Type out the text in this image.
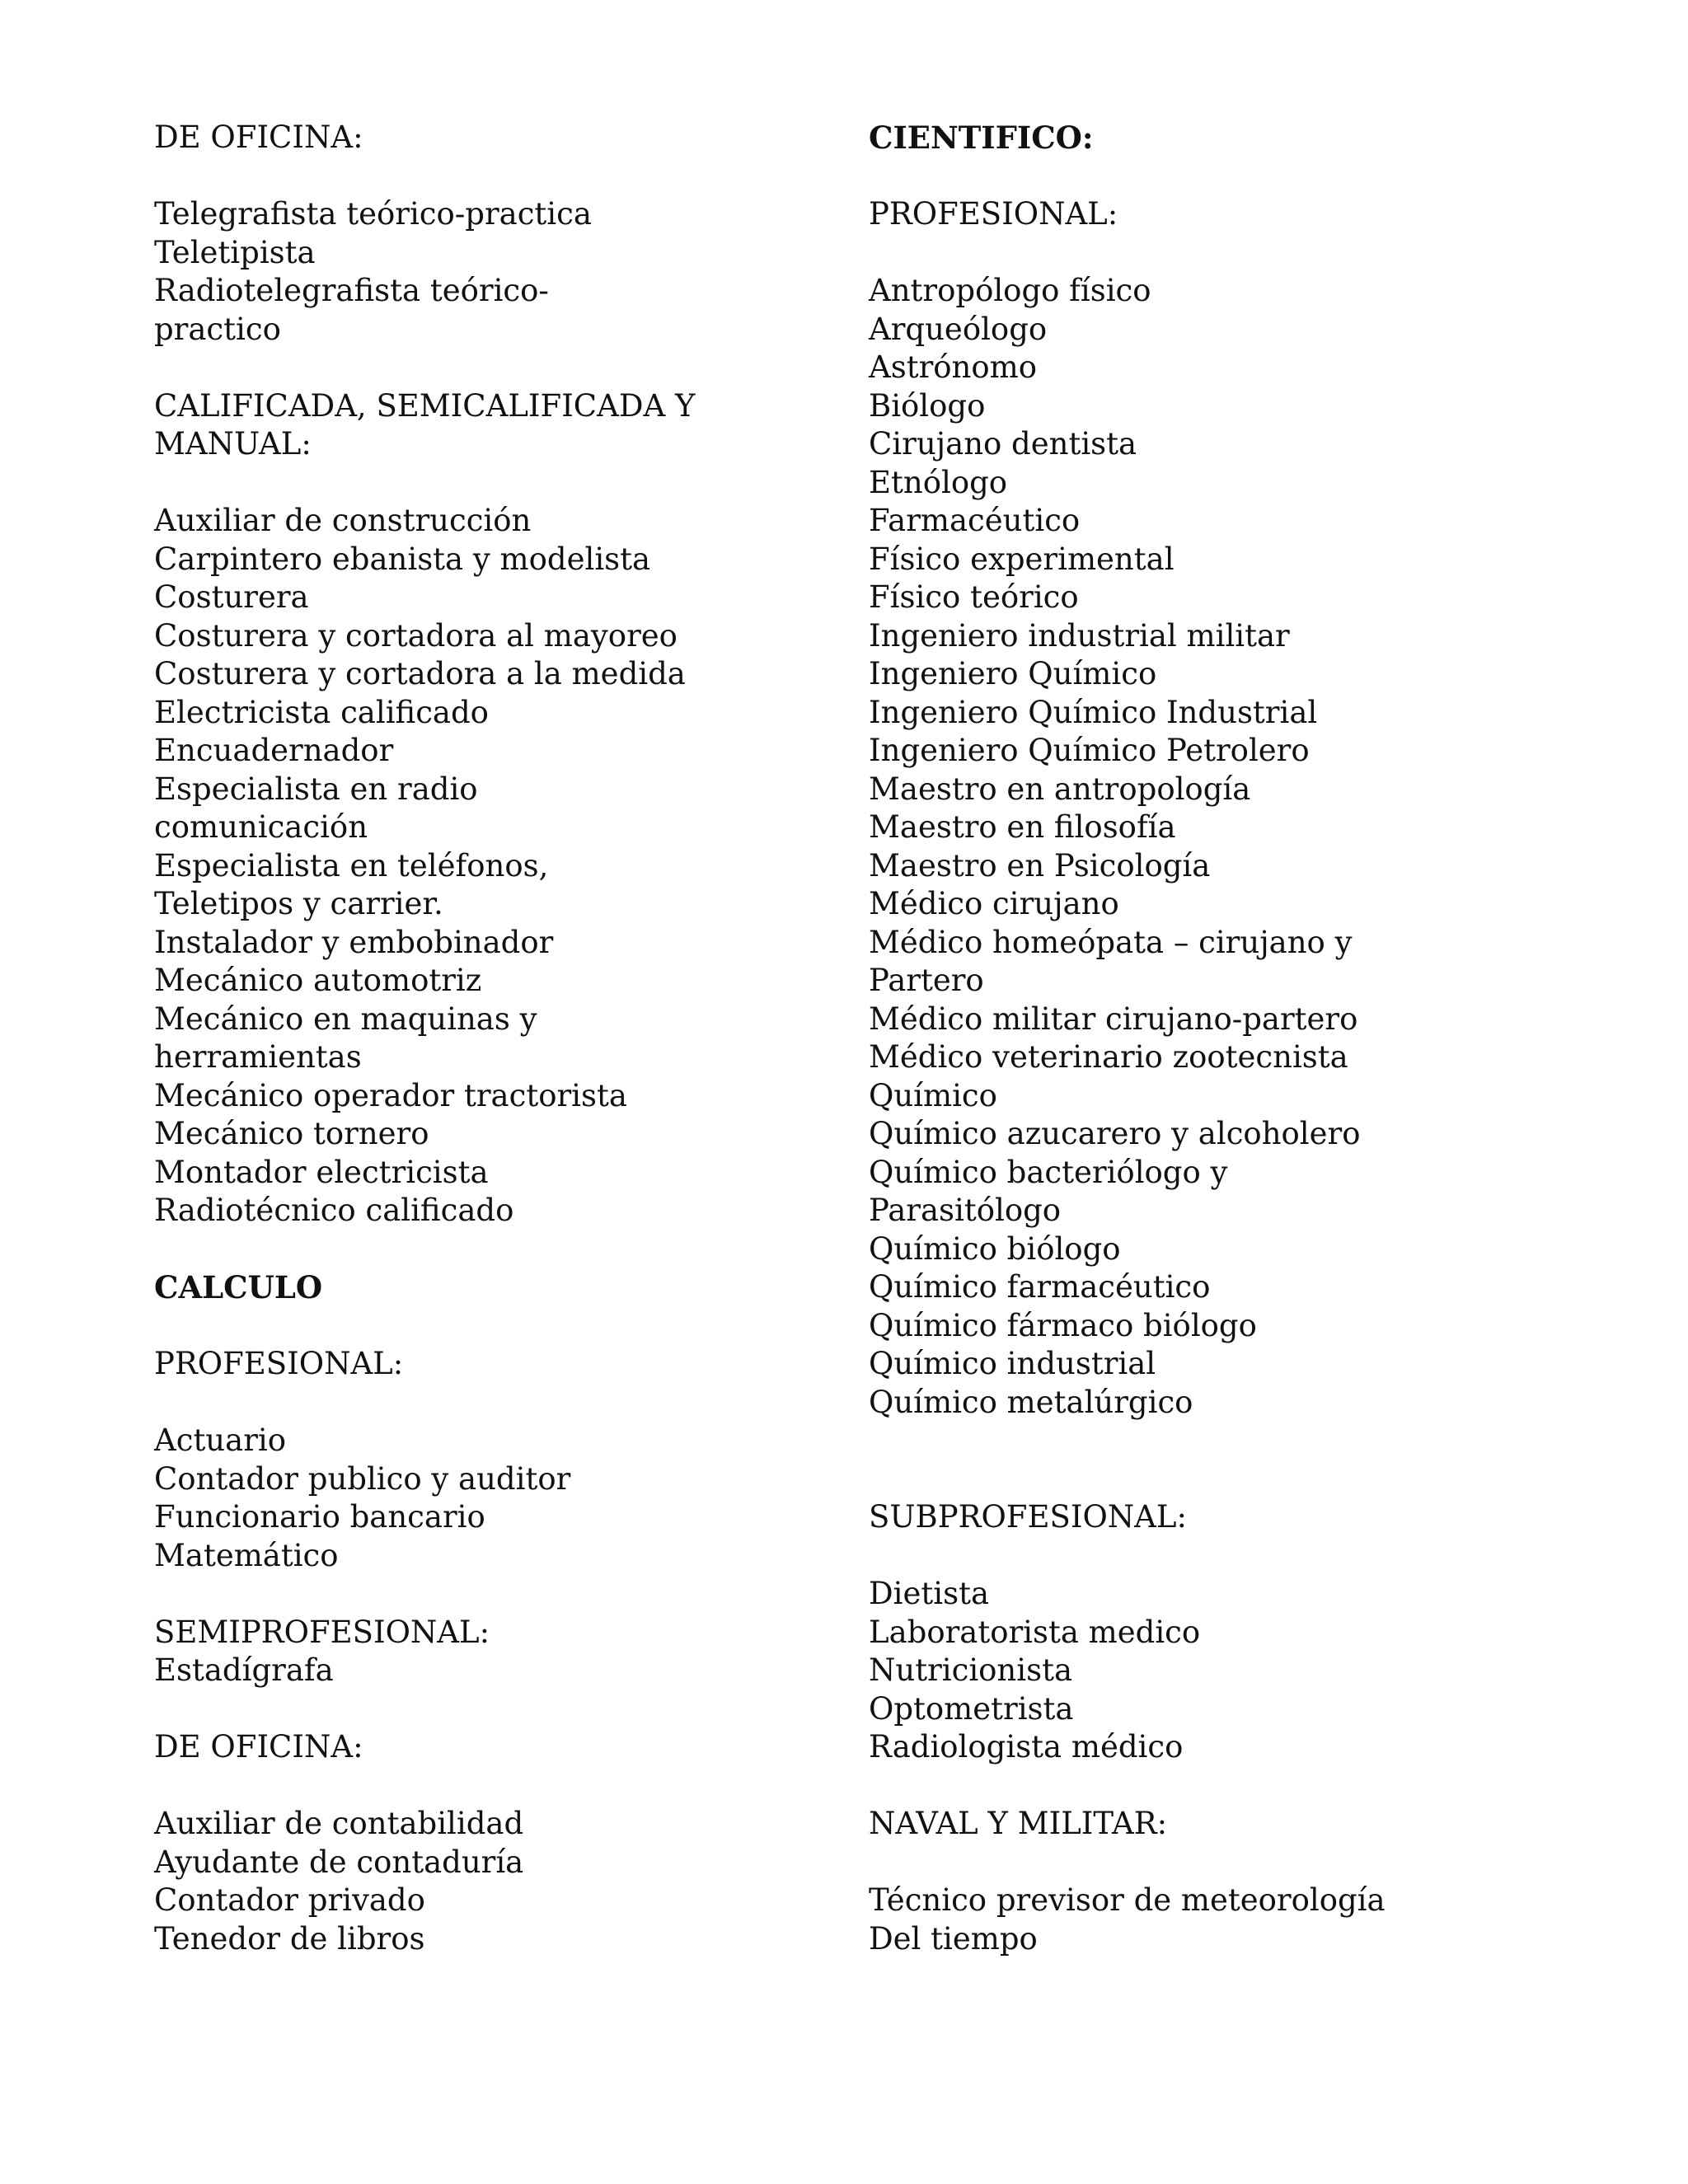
DE OFICINA:
Telegrafista teórico-practica
Teletipista
Radiotelegrafista teórico-
practico
CALIFICADA, SEMICALIFICADA Y
MANUAL:
Auxiliar de construcción
Carpintero ebanista y modelista
Costurera
Costurera y cortadora al mayoreo
Costurera y cortadora a la medida
Electricista calificado
Encuadernador
Especialista en radio
comunicación
Especialista en teléfonos,
Teletipos y carrier.
Instalador y embobinador
Mecánico automotriz
Mecánico en maquinas y
herramientas
Mecánico operador tractorista
Mecánico tornero
Montador electricista
Radiotécnico calificado
CALCULO
PROFESIONAL:
Actuario
Contador publico y auditor
Funcionario bancario
Matemático
SEMIPROFESIONAL:
Estadígrafa
DE OFICINA:
Auxiliar de contabilidad
Ayudante de contaduría
Contador privado
Tenedor de libros
CIENTIFICO:
PROFESIONAL:
Antropólogo físico
Arqueólogo
Astrónomo
Biólogo
Cirujano dentista
Etnólogo
Farmacéutico
Físico experimental
Físico teórico
Ingeniero industrial militar
Ingeniero Químico
Ingeniero Químico Industrial
Ingeniero Químico Petrolero
Maestro en antropología
Maestro en filosofía
Maestro en Psicología
Médico cirujano
Médico homeópata – cirujano y
Partero
Médico militar cirujano-partero
Médico veterinario zootecnista
Químico
Químico azucarero y alcoholero
Químico bacteriólogo y
Parasitólogo
Químico biólogo
Químico farmacéutico
Químico fármaco biólogo
Químico industrial
Químico metalúrgico
SUBPROFESIONAL:
Dietista
Laboratorista medico
Nutricionista
Optometrista
Radiologista médico
NAVAL Y MILITAR:
Técnico previsor de meteorología
Del tiempo
